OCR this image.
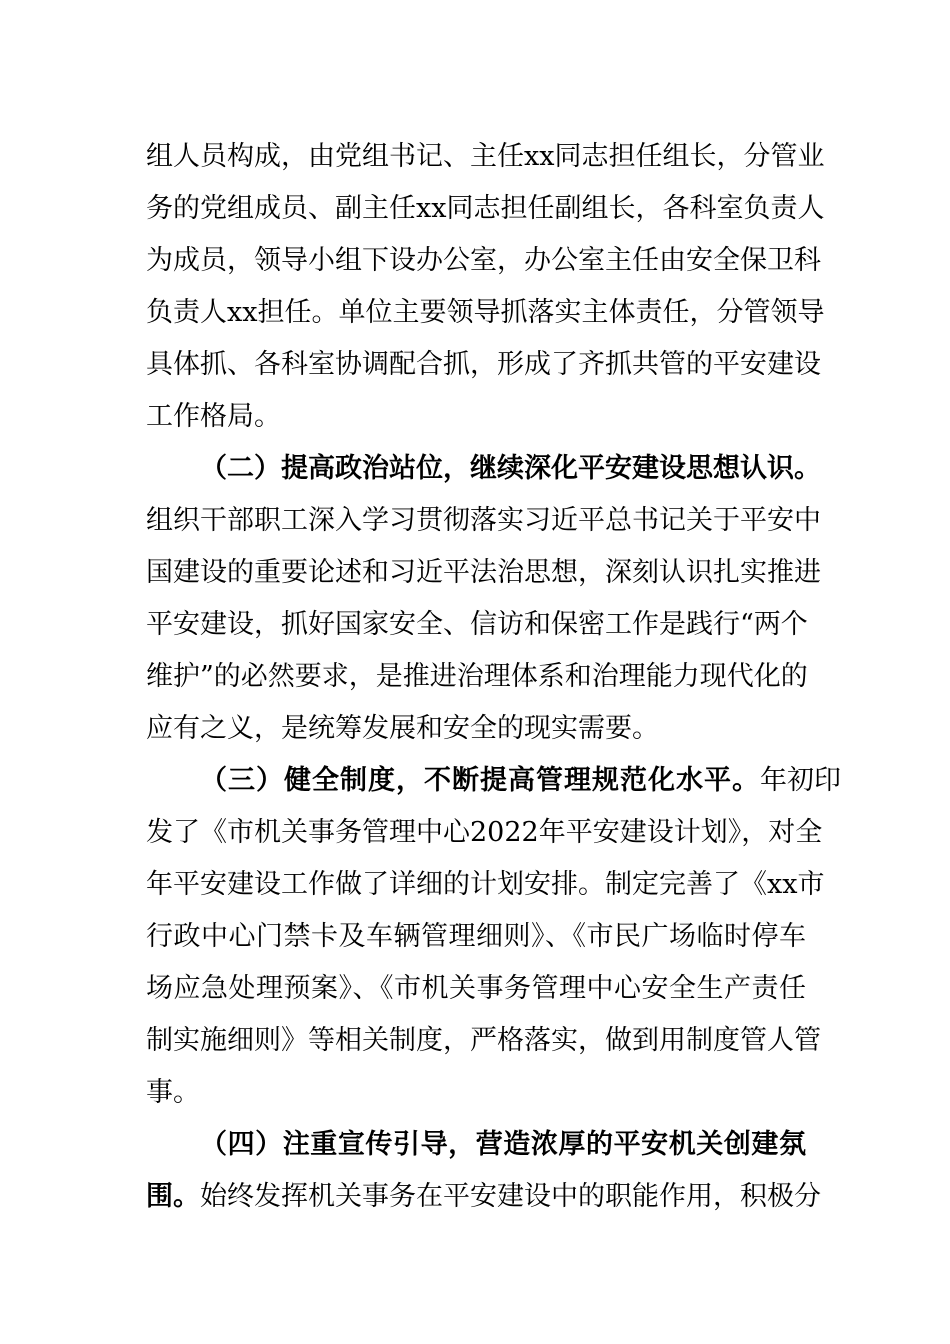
组人员构成，由党组书记、主任xx同志担任组长，分管业
务的党组成员、副主任xx同志担任副组长，各科室负责人
为成员，领导小组下设办公室，办公室主任由安全保卫科
负责人xx担任。单位主要领导抓落实主体责任，分管领导
具体抓、各科室协调配合抓，形成了齐抓共管的平安建设
工作格局。
（二）提高政治站位，继续深化平安建设思想认识。
组织干部职工深入学习贯彻落实习近平总书记关于平安中
国建设的重要论述和习近平法治思想，深刻认识扎实推进
平安建设，抓好国家安全、信访和保密工作是践行“两个
维护”的必然要求，是推进治理体系和治理能力现代化的
应有之义，是统筹发展和安全的现实需要。
（三）健全制度，不断提高管理规范化水平。 年初印
发了《市机关事务管理中心2022年平安建设计划》，对全
年平安建设工作做了详细的计划安排。制定完善了《xx市
行政中心门禁卡及车辆管理细则》、《市民广场临时停车
场应急处理预案》、《市机关事务管理中心安全生产责任
制实施细则》等相关制度，严格落实，做到用制度管人管
事。
（四）注重宣传引导，营造浓厚的平安机关创建氛
围。 始终发挥机关事务在平安建设中的职能作用，积极分
